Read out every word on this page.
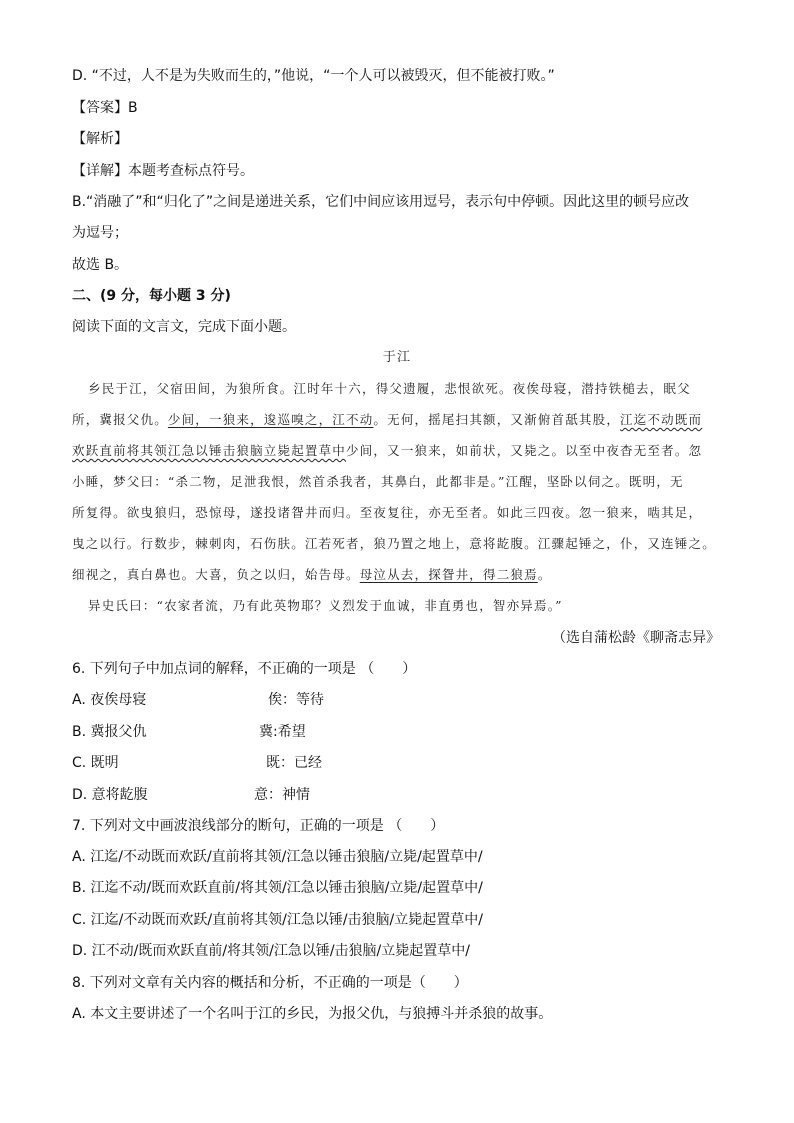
D. “不过，人不是为失败而生的，”他说，“一个人可以被毁灭，但不能被打败。”
【答案】B
【解析】
【详解】本题考查标点符号。
B.“消融了”和“归化了”之间是递进关系，它们中间应该用逗号，表示句中停顿。因此这里的顿号应改
为逗号；
故选 B。
二、(9 分，每小题 3 分)
阅读下面的文言文，完成下面小题。
于江
乡民于江，父宿田间，为狼所食。江时年十六，得父遗履，悲恨欲死。夜俟母寝，潜持铁槌去，眠父
所，冀报父仇。少间，一狼来，逡巡嗅之，江不动。无何，摇尾扫其额，又渐俯首舐其股，江迄不动既而
欢跃直前将其领江急以锤击狼脑立毙起置草中少间，又一狼来，如前状，又毙之。以至中夜杳无至者。忽
小睡，梦父曰：“杀二物，足泄我恨，然首杀我者，其鼻白，此都非是。”江醒，坚卧以伺之。既明，无
所复得。欲曳狼归，恐惊母，遂投诸眢井而归。至夜复往，亦无至者。如此三四夜。忽一狼来，啮其足，
曳之以行。行数步，棘刺肉，石伤肤。江若死者，狼乃置之地上，意将龁腹。江骤起锤之，仆，又连锤之。
细视之，真白鼻也。大喜，负之以归，始告母。母泣从去，探眢井，得二狼焉。
异史氏曰：“农家者流，乃有此英物耶？义烈发于血诚，非直勇也，智亦异焉。”
（选自蒲松龄《聊斋志异》
6. 下列句子中加点词的解释，不正确的一项是 （　　）
A. 夜俟母寝	俟：等待
B. 冀报父仇	冀:希望
C. 既明	既：已经
D. 意将龁腹	意：神情
7. 下列对文中画波浪线部分的断句，正确的一项是 （　　）
A. 江迄/不动既而欢跃/直前将其领/江急以锤击狼脑/立毙/起置草中/
B. 江迄不动/既而欢跃直前/将其领/江急以锤击狼脑/立毙/起置草中/
C. 江迄/不动既而欢跃/直前将其领/江急以锤/击狼脑/立毙起置草中/
D. 江不动/既而欢跃直前/将其领/江急以锤/击狼脑/立毙起置草中/
8. 下列对文章有关内容的概括和分析，不正确的一项是（　　）
A. 本文主要讲述了一个名叫于江的乡民，为报父仇，与狼搏斗并杀狼的故事。
